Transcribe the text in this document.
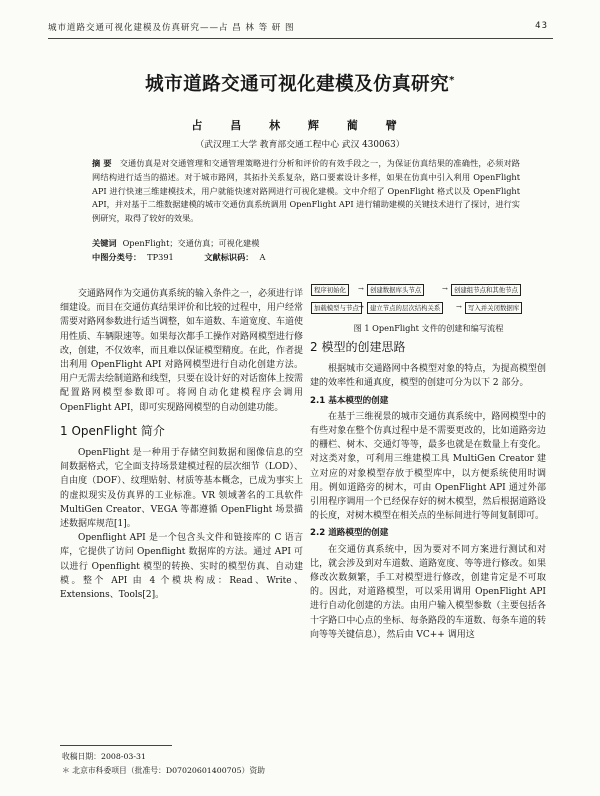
城市道路交通可视化建模及仿真研究——占 昌 林 等 研 图	43
城市道路交通可视化建模及仿真研究*
占 昌 林 辉 蔺 臂
（武汉理工大学 教育部交通工程中心 武汉 430063）
摘 要 交通仿真是对交通管理和交通管理策略进行分析和评价的有效手段之一，为保证仿真结果的准确性，必须对路网结构进行适当的描述。对于城市路网，其拓扑关系复杂，路口要素设计多样，如果在仿真中引入利用 OpenFlight API 进行快速三维建模技术，用户就能快速对路网进行可视化建模。文中介绍了 OpenFlight 格式以及 OpenFlight API，并对基于二维数据建模的城市交通仿真系统调用 OpenFlight API 进行辅助建模的关键技术进行了探讨，进行实例研究，取得了较好的效果。
关键词 OpenFlight；交通仿真；可视化建模
中图分类号： TP391	文献标识码： A

交通路网作为交通仿真系统的输入条件之一，必须进行详细建设。而目在交通仿真结果评价和比较的过程中，用户经常需要对路网参数进行适当调整，如车道数、车道宽度、车道使用性质、车辆限速等。如果每次都手工操作对路网模型进行修改，创建，不仅效率，而且难以保证模型精度。在此，作者提出利用 OpenFlight API 对路网模型进行自动化创建方法。用户无需去绘制道路和线型，只要在设计好的对话窗体上按需配置路网模型参数即可。将网自动化建模程序会调用 OpenFlight API，即可实现路网模型的自动创建功能。

1 OpenFlight 简介

OpenFlight 是一种用于存储空间数据和图像信息的空间数据格式，它全面支持场景建模过程的层次细节（LOD）、自由度（DOF）、纹理贴射、材质等基本概念，已成为事实上的虚拟现实及仿真界的工业标准。VR 领域著名的工具软件 MultiGen Creator、VEGA 等都遵循 OpenFlight 场景描述数据库规范[1]。

Openflight API 是一个包含头文件和链接库的 C 语言库，它提供了访问 Openflight 数据库的方法。通过 API 可以进行 Openflight 模型的转换、实时的模型仿真、自动建模。整个 API 由 4 个模块构成：Read、Write、Extensions、Tools[2]。

程序初始化	→ 创建数据库头节点	→ 创建组节点和其他节点
加载模型与节点 → 建立节点的层次结构关系	→ 写入并关闭数据库
图 1 OpenFlight 文件的创建和编写流程
2 模型的创建思路

根据城市交通路网中各模型对象的特点，为提高模型创建的效率性和通真度，模型的创建可分为以下 2 部分。

2.1 基本模型的创建

在基于三维视景的城市交通仿真系统中，路网模型中的有些对象在整个仿真过程中是不需要更改的，比如道路旁边的栅栏、树木、交通灯等等，最多也就是在数量上有变化。对这类对象，可利用三维建模工具 MultiGen Creator 建立对应的对象模型存放于模型库中，以方便系统使用时调用。例如道路旁的树木，可由 OpenFlight API 通过外部引用程序调用一个已经保存好的树木模型，然后根据道路设的长度，对树木模型在相关点的坐标间进行等间复制即可。

2.2 道路模型的创建

在交通仿真系统中，因为要对不同方案进行测试和对比，就会涉及到对车道数、道路宽度、等等进行修改。如果修改次数频繁，手工对模型进行修改，创建肯定是不可取的。因此，对道路模型，可以采用调用 OpenFlight API 进行自动化创建的方法。由用户输入模型参数（主要包括各十字路口中心点的坐标、每条路段的车道数、每条车道的转向等等关键信息），然后由 VC++ 调用这

收稿日期：2008-03-31
＊ 北京市科委项目（批准号：D07020601400705）资助
